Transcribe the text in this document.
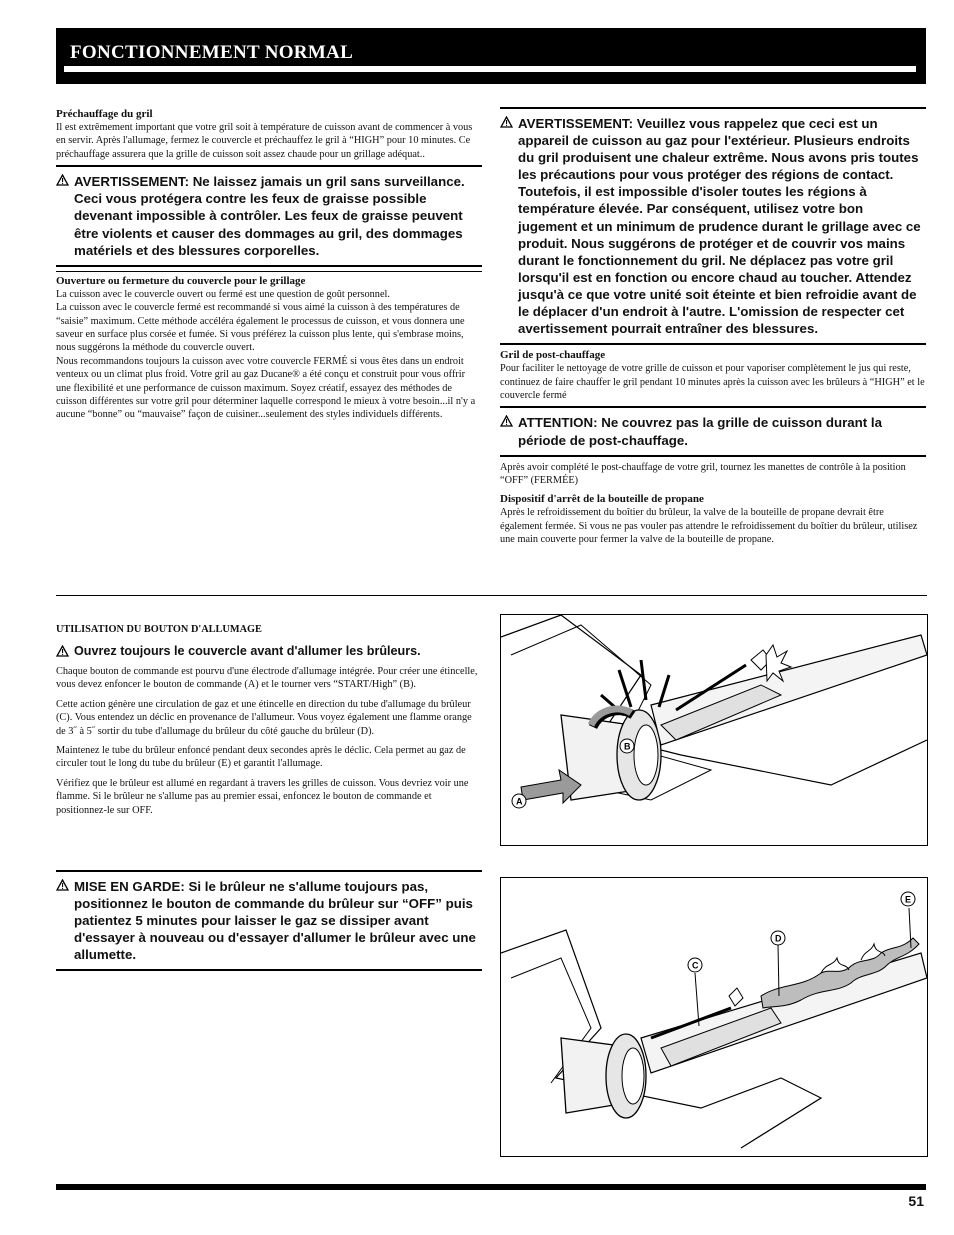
FONCTIONNEMENT NORMAL
Préchauffage du gril

Il est extrêmement important que votre gril soit à température de cuisson avant de commencer à vous en servir. Après l'allumage, fermez le couvercle et préchauffez le gril à “HIGH” pour 10 minutes. Ce préchauffage assurera que la grille de cuisson soit assez chaude pour un grillage adéquat..

AVERTISSEMENT: Ne laissez jamais un gril sans surveillance. Ceci vous protégera contre les feux de graisse possible devenant impossible à contrôler. Les feux de graisse peuvent être violents et causer des dommages au gril, des dommages matériels et des blessures corporelles.
Ouverture ou fermeture du couvercle pour le grillage

La cuisson avec le couvercle ouvert ou fermé est une question de goût personnel.

La cuisson avec le couvercle fermé est recommandé si vous aimé la cuisson à des températures de “saisie” maximum. Cette méthode accéléra également le processus de cuisson, et vous donnera une saveur en surface plus corsée et fumée. Si vous préférez la cuisson plus lente, qui s'embrase moins, nous suggérons la méthode du couvercle ouvert.

Nous recommandons toujours la cuisson avec votre couvercle FERMÉ si vous êtes dans un endroit venteux ou un climat plus froid. Votre gril au gaz Ducane® a été conçu et construit pour vous offrir une flexibilité et une performance de cuisson maximum. Soyez créatif, essayez des méthodes de cuisson différentes sur votre gril pour déterminer laquelle correspond le mieux à votre besoin...il n'y a aucune “bonne” ou “mauvaise” façon de cuisiner...seulement des styles individuels différents.

AVERTISSEMENT: Veuillez vous rappelez que ceci est un appareil de cuisson au gaz pour l'extérieur. Plusieurs endroits du gril produisent une chaleur extrême. Nous avons pris toutes les précautions pour vous protéger des régions de contact. Toutefois, il est impossible d'isoler toutes les régions à température élevée. Par conséquent, utilisez votre bon jugement et un minimum de prudence durant le grillage avec ce produit. Nous suggérons de protéger et de couvrir vos mains durant le fonctionnement du gril. Ne déplacez pas votre gril lorsqu'il est en fonction ou encore chaud au toucher. Attendez jusqu'à ce que votre unité soit éteinte et bien refroidie avant de le déplacer d'un endroit à l'autre. L'omission de respecter cet avertissement pourrait entraîner des blessures.
Gril de post-chauffage

Pour faciliter le nettoyage de votre grille de cuisson et pour vaporiser complètement le jus qui reste, continuez de faire chauffer le gril pendant 10 minutes après la cuisson avec les brûleurs à “HIGH” et le couvercle fermé

ATTENTION: Ne couvrez pas la grille de cuisson durant la période de post-chauffage.

Après avoir complété le post-chauffage de votre gril, tournez les manettes de contrôle à la position “OFF” (FERMÉE)

Dispositif d'arrêt de la bouteille de propane

Après le refroidissement du boîtier du brûleur, la valve de la bouteille de propane devrait être également fermée. Si vous ne pas vouler pas attendre le refroidissement du boîtier du brûleur, utilisez une main couverte pour fermer la valve de la bouteille de propane.

UTILISATION DU BOUTON D'ALLUMAGE
Ouvrez toujours le couvercle avant d'allumer les brûleurs.

Chaque bouton de commande est pourvu d'une électrode d'allumage intégrée. Pour créer une étincelle, vous devez enfoncer le bouton de commande (A) et le tourner vers “START/High” (B).

Cette action génère une circulation de gaz et une étincelle en direction du tube d'allumage du brûleur (C). Vous entendez un déclic en provenance de l'allumeur. Vous voyez également une flamme orange de 3˝ à 5˝ sortir du tube d'allumage du brûleur du côté gauche du brûleur (D).

Maintenez le tube du brûleur enfoncé pendant deux secondes après le déclic. Cela permet au gaz de circuler tout le long du tube du brûleur (E) et garantit l'allumage.

Vérifiez que le brûleur est allumé en regardant à travers les grilles de cuisson. Vous devriez voir une flamme. Si le brûleur ne s'allume pas au premier essai, enfoncez le bouton de commande et positionnez-le sur OFF.

MISE EN GARDE: Si le brûleur ne s'allume toujours pas, positionnez le bouton de commande du brûleur sur “OFF” puis patientez 5 minutes pour laisser le gaz se dissiper avant d'essayer à nouveau ou d'essayer d'allumer le brûleur avec une allumette.
B
A
C
D
E
51
